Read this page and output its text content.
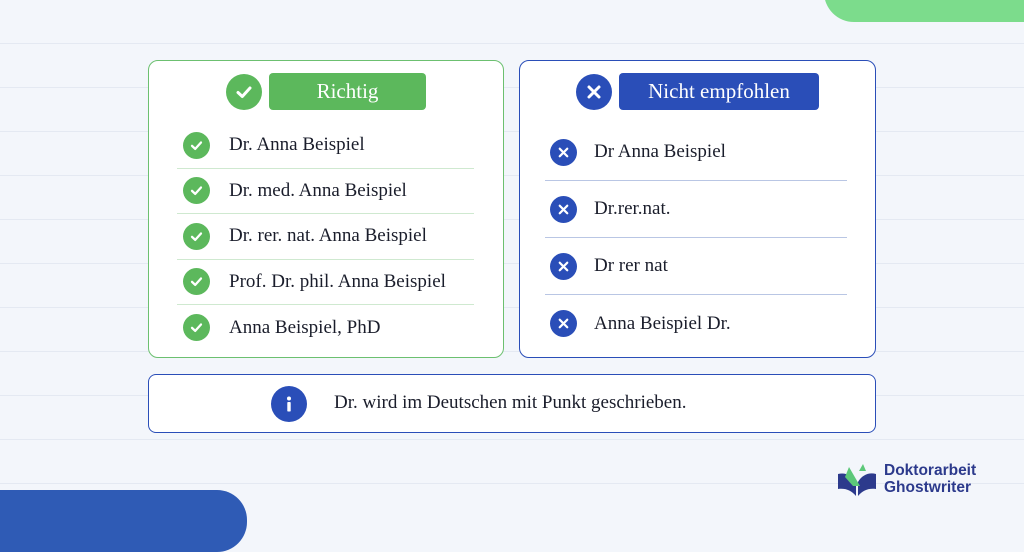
Richtig
Dr. Anna Beispiel
Dr. med. Anna Beispiel
Dr. rer. nat. Anna Beispiel
Prof. Dr. phil. Anna Beispiel
Anna Beispiel, PhD
Nicht empfohlen
Dr Anna Beispiel
Dr.rer.nat.
Dr rer nat
Anna Beispiel Dr.
Dr. wird im Deutschen mit Punkt geschrieben.
Doktorarbeit
Ghostwriter
